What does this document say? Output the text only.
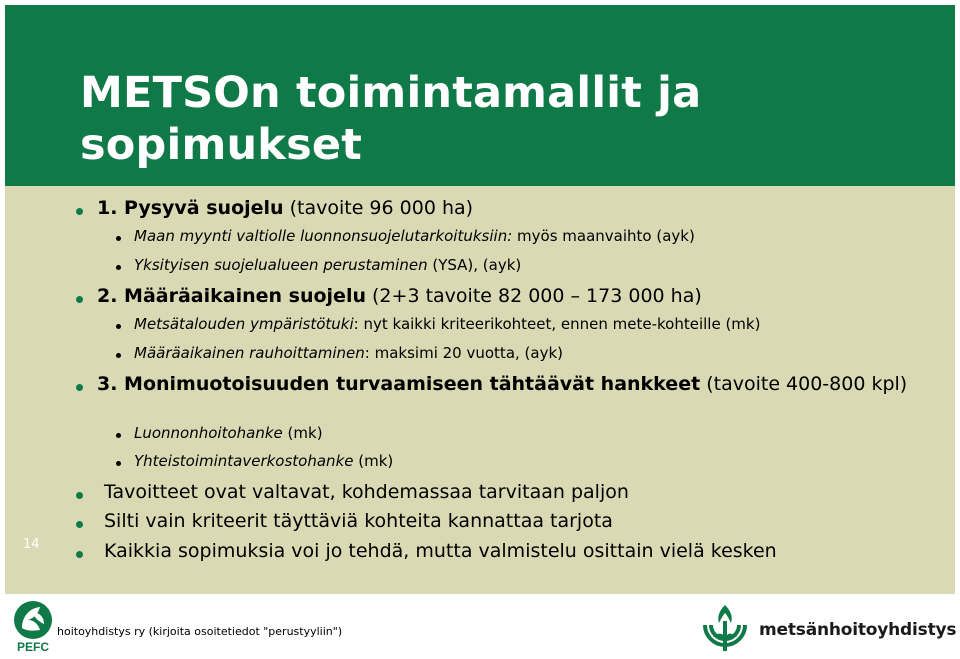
METSOn toimintamallit ja sopimukset
1. Pysyvä suojelu (tavoite 96 000 ha)
Maan myynti valtiolle luonnonsuojelutarkoituksiin: myös maanvaihto (ayk)
Yksityisen suojelualueen perustaminen (YSA), (ayk)
2. Määräaikainen suojelu (2+3 tavoite 82 000 – 173 000 ha)
Metsätalouden ympäristötuki: nyt kaikki kriteerikohteet, ennen mete-kohteille (mk)
Määräaikainen rauhoittaminen: maksimi 20 vuotta, (ayk)
3. Monimuotoisuuden turvaamiseen tähtäävät hankkeet (tavoite 400-800 kpl)
Luonnonhoitohanke (mk)
Yhteistoimintaverkostohanke (mk)
Tavoitteet ovat valtavat, kohdemassaa tarvitaan paljon
Silti vain kriteerit täyttäviä kohteita kannattaa tarjota
Kaikkia sopimuksia voi jo tehdä, mutta valmistelu osittain vielä kesken
14
PEFC
hoitoyhdistys ry (kirjoita osoitetiedot "perustyyliin")	metsänhoitoyhdistys
